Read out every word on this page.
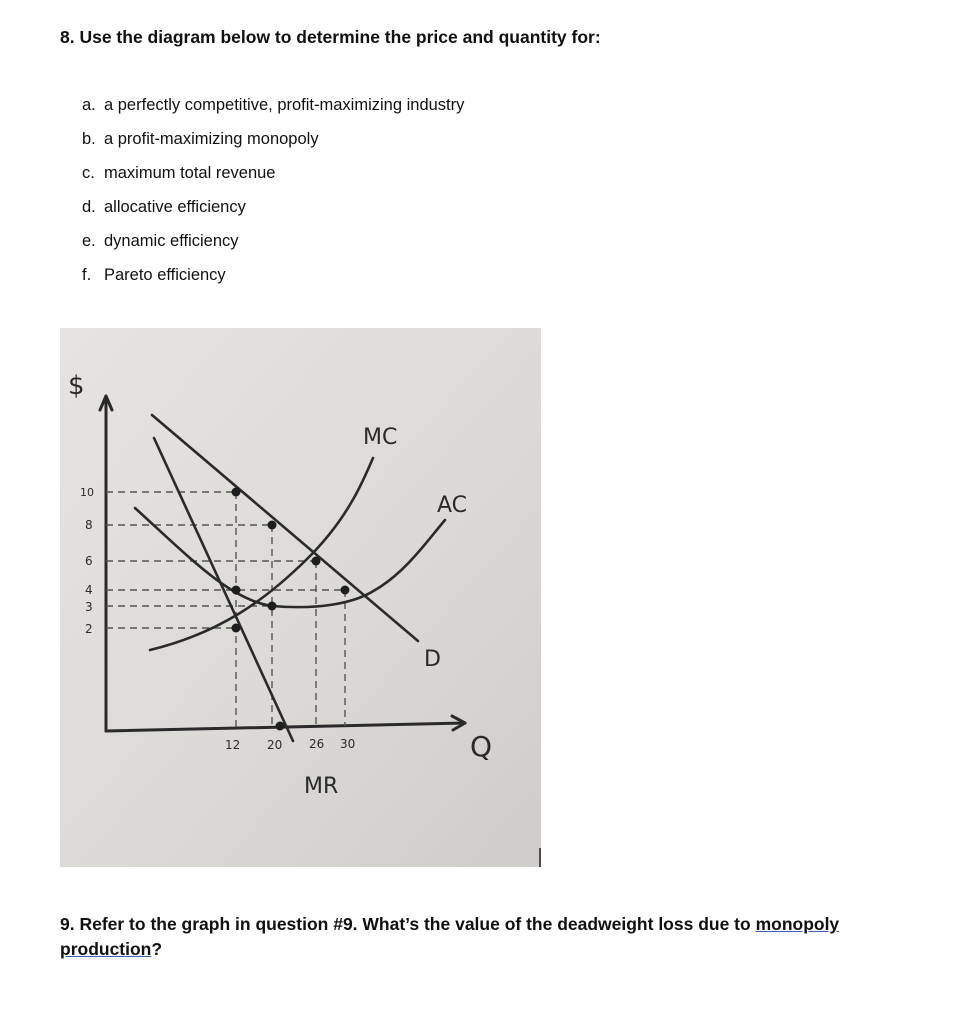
8. Use the diagram below to determine the price and quantity for:

a. a perfectly competitive, profit-maximizing industry
b. a profit-maximizing monopoly
c. maximum total revenue
d. allocative efficiency
e. dynamic efficiency
f. Pareto efficiency
$
Q
10
8
6
4
3
2
12 20 26 30
MC
AC
D
MR

9. Refer to the graph in question #9. What’s the value of the deadweight loss due to monopoly production?
